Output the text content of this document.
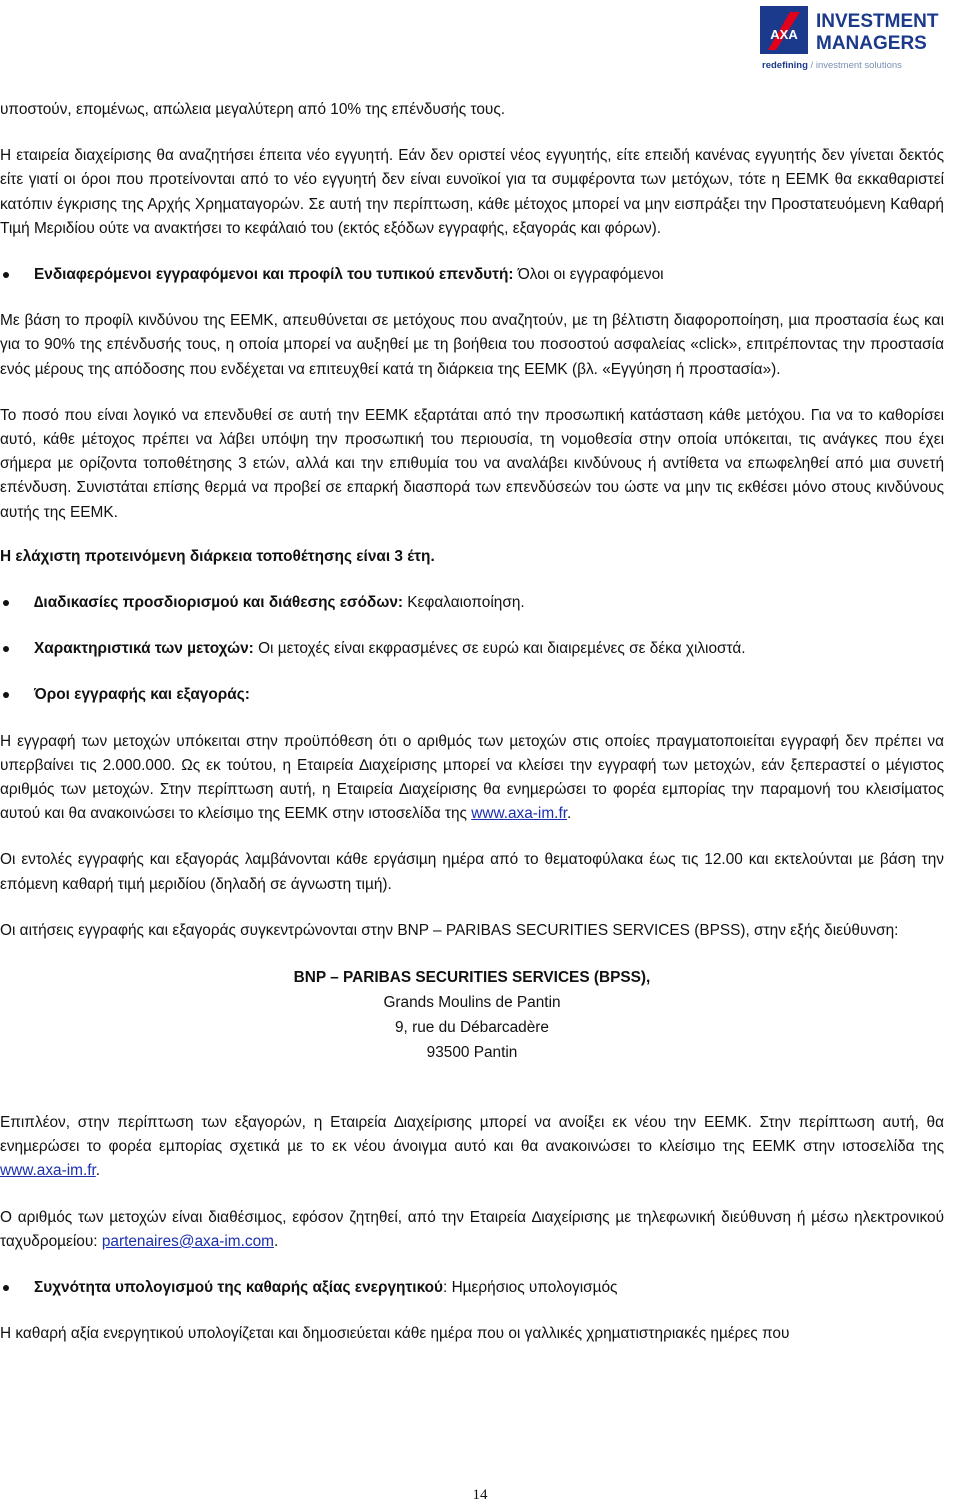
AXA
INVESTMENT
MANAGERS
redefining / investment solutions

υποστούν, εποµένως, απώλεια µεγαλύτερη από 10% της επένδυσής τους.

Η εταιρεία διαχείρισης θα αναζητήσει έπειτα νέο εγγυητή. Εάν δεν οριστεί νέος εγγυητής, είτε επειδή κανένας εγγυητής δεν γίνεται δεκτός είτε γιατί οι όροι που προτείνονται από το νέο εγγυητή δεν είναι ευνοϊκοί για τα συµφέροντα των µετόχων, τότε η ΕΕΜΚ θα εκκαθαριστεί κατόπιν έγκρισης της Αρχής Χρηµαταγορών. Σε αυτή την περίπτωση, κάθε µέτοχος µπορεί να µην εισπράξει την Προστατευόµενη Καθαρή Τιµή Μεριδίου ούτε να ανακτήσει το κεφάλαιό του (εκτός εξόδων εγγραφής, εξαγοράς και φόρων).

Ενδιαφερόµενοι εγγραφόµενοι και προφίλ του τυπικού επενδυτή: Όλοι οι εγγραφόµενοι

Με βάση το προφίλ κινδύνου της ΕΕΜΚ, απευθύνεται σε µετόχους που αναζητούν, µε τη βέλτιστη διαφοροποίηση, µια προστασία έως και για το 90% της επένδυσής τους, η οποία µπορεί να αυξηθεί µε τη βοήθεια του ποσοστού ασφαλείας «click», επιτρέποντας την προστασία ενός µέρους της απόδοσης που ενδέχεται να επιτευχθεί κατά τη διάρκεια της ΕΕΜΚ (βλ. «Εγγύηση ή προστασία»).

Το ποσό που είναι λογικό να επενδυθεί σε αυτή την ΕΕΜΚ εξαρτάται από την προσωπική κατάσταση κάθε µετόχου. Για να το καθορίσει αυτό, κάθε µέτοχος πρέπει να λάβει υπόψη την προσωπική του περιουσία, τη νοµοθεσία στην οποία υπόκειται, τις ανάγκες που έχει σήµερα µε ορίζοντα τοποθέτησης 3 ετών, αλλά και την επιθυµία του να αναλάβει κινδύνους ή αντίθετα να επωφεληθεί από µια συνετή επένδυση. Συνιστάται επίσης θερµά να προβεί σε επαρκή διασπορά των επενδύσεών του ώστε να µην τις εκθέσει µόνο στους κινδύνους αυτής της ΕΕΜΚ.

Η ελάχιστη προτεινόµενη διάρκεια τοποθέτησης είναι 3 έτη.

∆ιαδικασίες προσδιορισµού και διάθεσης εσόδων: Κεφαλαιοποίηση.
Χαρακτηριστικά των µετοχών: Οι µετοχές είναι εκφρασµένες σε ευρώ και διαιρεµένες σε δέκα χιλιοστά.
Όροι εγγραφής και εξαγοράς:

Η εγγραφή των µετοχών υπόκειται στην προϋπόθεση ότι ο αριθµός των µετοχών στις οποίες πραγµατοποιείται εγγραφή δεν πρέπει να υπερβαίνει τις 2.000.000. Ως εκ τούτου, η Εταιρεία ∆ιαχείρισης µπορεί να κλείσει την εγγραφή των µετοχών, εάν ξεπεραστεί ο µέγιστος αριθµός των µετοχών. Στην περίπτωση αυτή, η Εταιρεία ∆ιαχείρισης θα ενηµερώσει το φορέα εµπορίας την παραµονή του κλεισίµατος αυτού και θα ανακοινώσει το κλείσιµο της ΕΕΜΚ στην ιστοσελίδα της www.axa-im.fr.

Οι εντολές εγγραφής και εξαγοράς λαµβάνονται κάθε εργάσιµη ηµέρα από το θεµατοφύλακα έως τις 12.00 και εκτελούνται µε βάση την επόµενη καθαρή τιµή µεριδίου (δηλαδή σε άγνωστη τιµή).

Οι αιτήσεις εγγραφής και εξαγοράς συγκεντρώνονται στην BNP – PARIBAS SECURITIES SERVICES (BPSS), στην εξής διεύθυνση:

BNP – PARIBAS SECURITIES SERVICES (BPSS),
Grands Moulins de Pantin
9, rue du Débarcadère
93500 Pantin

Επιπλέον, στην περίπτωση των εξαγορών, η Εταιρεία ∆ιαχείρισης µπορεί να ανοίξει εκ νέου την ΕΕΜΚ. Στην περίπτωση αυτή, θα ενηµερώσει το φορέα εµπορίας σχετικά µε το εκ νέου άνοιγµα αυτό και θα ανακοινώσει το κλείσιµο της ΕΕΜΚ στην ιστοσελίδα της www.axa-im.fr.

Ο αριθµός των µετοχών είναι διαθέσιµος, εφόσον ζητηθεί, από την Εταιρεία ∆ιαχείρισης µε τηλεφωνική διεύθυνση ή µέσω ηλεκτρονικού ταχυδροµείου: partenaires@axa-im.com.

Συχνότητα υπολογισµού της καθαρής αξίας ενεργητικού: Ηµερήσιος υπολογισµός

Η καθαρή αξία ενεργητικού υπολογίζεται και δηµοσιεύεται κάθε ηµέρα που οι γαλλικές χρηµατιστηριακές ηµέρες που

14
